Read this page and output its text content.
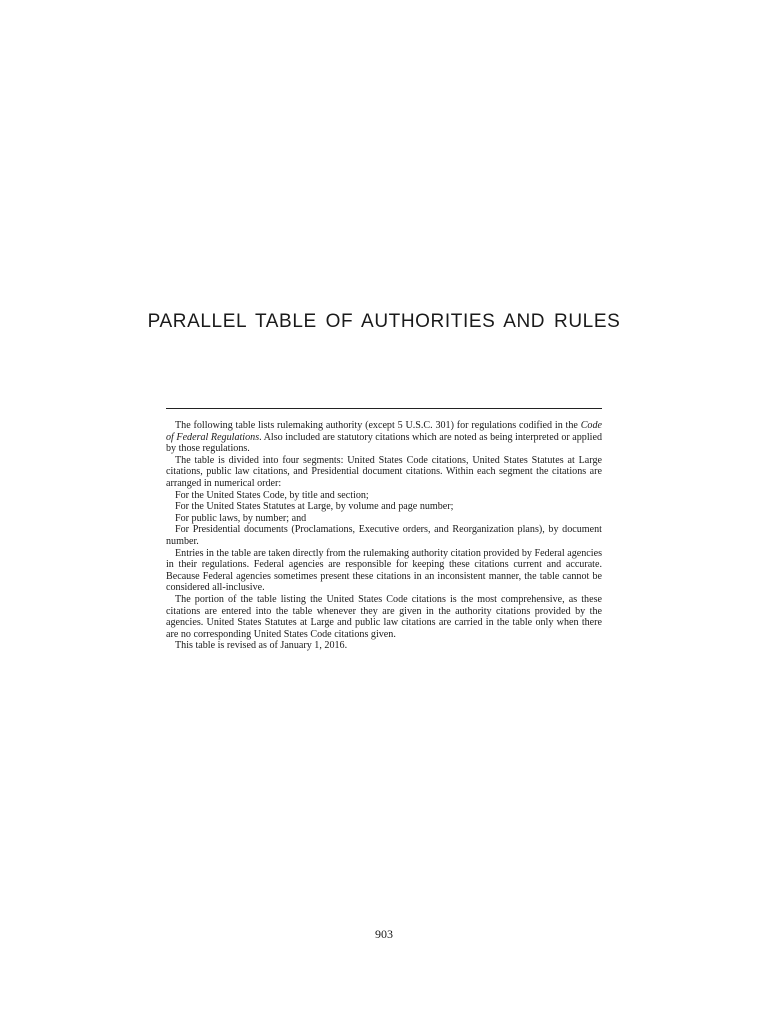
PARALLEL TABLE OF AUTHORITIES AND RULES

The following table lists rulemaking authority (except 5 U.S.C. 301) for regulations codified in the Code of Federal Regulations. Also included are statutory citations which are noted as being interpreted or applied by those regulations.

The table is divided into four segments: United States Code citations, United States Statutes at Large citations, public law citations, and Presidential document citations. Within each segment the citations are arranged in numerical order:

For the United States Code, by title and section;

For the United States Statutes at Large, by volume and page number;

For public laws, by number; and

For Presidential documents (Proclamations, Executive orders, and Reorganization plans), by document number.

Entries in the table are taken directly from the rulemaking authority citation provided by Federal agencies in their regulations. Federal agencies are responsible for keeping these citations current and accurate. Because Federal agencies sometimes present these citations in an inconsistent manner, the table cannot be considered all-inclusive.

The portion of the table listing the United States Code citations is the most comprehensive, as these citations are entered into the table whenever they are given in the authority citations provided by the agencies. United States Statutes at Large and public law citations are carried in the table only when there are no corresponding United States Code citations given.

This table is revised as of January 1, 2016.

903
